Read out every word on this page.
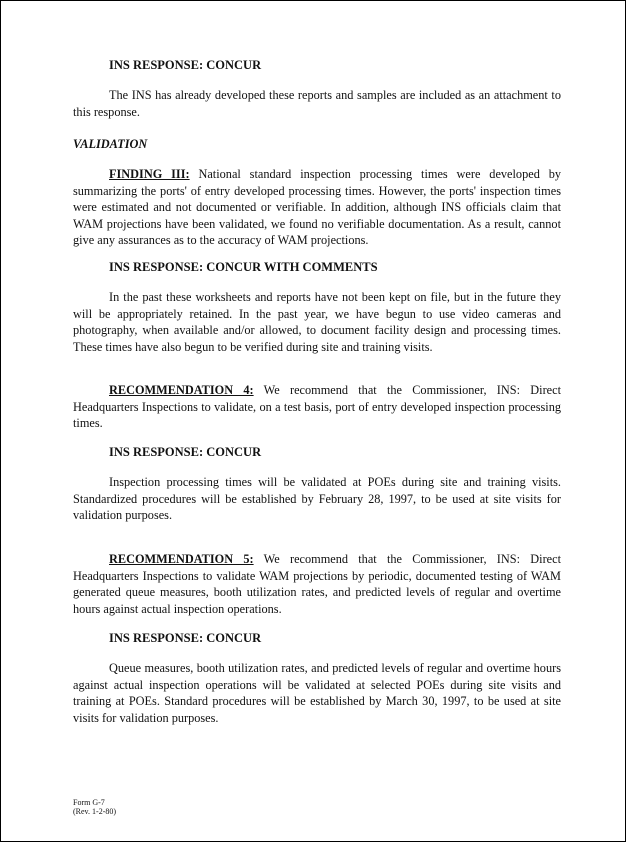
INS RESPONSE: CONCUR

The INS has already developed these reports and samples are included as an attachment to this response.

VALIDATION

FINDING III: National standard inspection processing times were developed by summarizing the ports' of entry developed processing times. However, the ports' inspection times were estimated and not documented or verifiable. In addition, although INS officials claim that WAM projections have been validated, we found no verifiable documentation. As a result, cannot give any assurances as to the accuracy of WAM projections.

INS RESPONSE: CONCUR WITH COMMENTS

In the past these worksheets and reports have not been kept on file, but in the future they will be appropriately retained. In the past year, we have begun to use video cameras and photography, when available and/or allowed, to document facility design and processing times. These times have also begun to be verified during site and training visits.

RECOMMENDATION 4: We recommend that the Commissioner, INS: Direct Headquarters Inspections to validate, on a test basis, port of entry developed inspection processing times.

INS RESPONSE: CONCUR

Inspection processing times will be validated at POEs during site and training visits. Standardized procedures will be established by February 28, 1997, to be used at site visits for validation purposes.

RECOMMENDATION 5: We recommend that the Commissioner, INS: Direct Headquarters Inspections to validate WAM projections by periodic, documented testing of WAM generated queue measures, booth utilization rates, and predicted levels of regular and overtime hours against actual inspection operations.

INS RESPONSE: CONCUR

Queue measures, booth utilization rates, and predicted levels of regular and overtime hours against actual inspection operations will be validated at selected POEs during site visits and training at POEs. Standard procedures will be established by March 30, 1997, to be used at site visits for validation purposes.

Form G-7
(Rev. 1-2-80)
